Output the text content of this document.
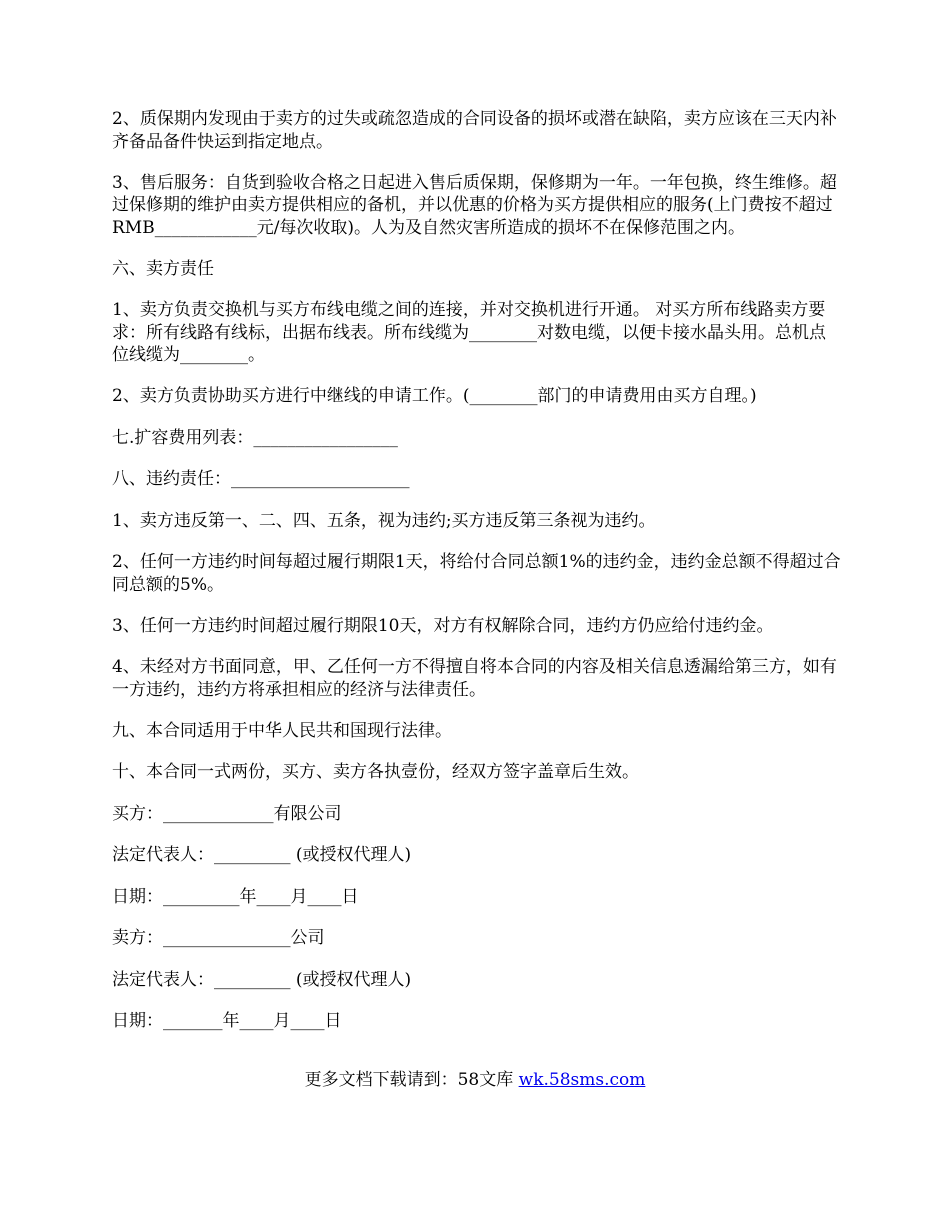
2、质保期内发现由于卖方的过失或疏忽造成的合同设备的损坏或潜在缺陷，卖方应该在三天内补齐备品备件快运到指定地点。

3、售后服务：自货到验收合格之日起进入售后质保期，保修期为一年。一年包换，终生维修。超过保修期的维护由卖方提供相应的备机，并以优惠的价格为买方提供相应的服务(上门费按不超过RMB____________元/每次收取)。人为及自然灾害所造成的损坏不在保修范围之内。

六、卖方责任

1、卖方负责交换机与买方布线电缆之间的连接，并对交换机进行开通。 对买方所布线路卖方要求：所有线路有线标，出据布线表。所布线缆为________对数电缆，以便卡接水晶头用。总机点位线缆为________。

2、卖方负责协助买方进行中继线的申请工作。(________部门的申请费用由买方自理。)

七.扩容费用列表：_________________

八、违约责任：_____________________

1、卖方违反第一、二、四、五条，视为违约;买方违反第三条视为违约。

2、任何一方违约时间每超过履行期限1天，将给付合同总额1%的违约金，违约金总额不得超过合同总额的5%。

3、任何一方违约时间超过履行期限10天，对方有权解除合同，违约方仍应给付违约金。

4、未经对方书面同意，甲、乙任何一方不得擅自将本合同的内容及相关信息透漏给第三方，如有一方违约，违约方将承担相应的经济与法律责任。

九、本合同适用于中华人民共和国现行法律。

十、本合同一式两份，买方、卖方各执壹份，经双方签字盖章后生效。

买方：_____________有限公司

法定代表人：_________ (或授权代理人)

日期：_________年____月____日

卖方：_______________公司

法定代表人：_________ (或授权代理人)

日期：_______年____月____日

更多文档下载请到：58文库 wk.58sms.com
